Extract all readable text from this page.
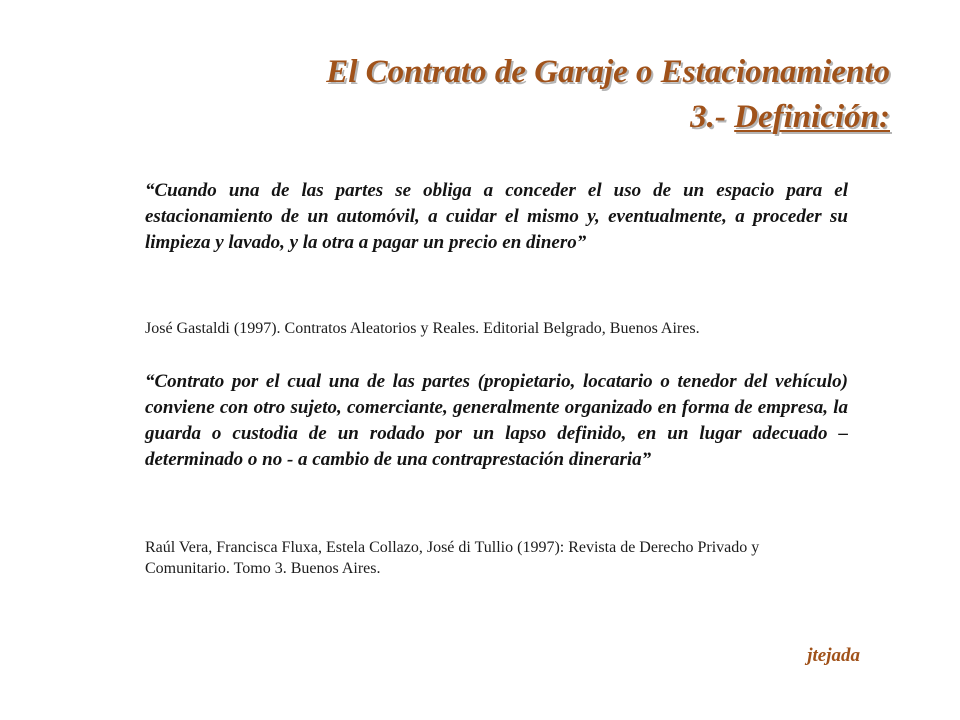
El Contrato de Garaje o Estacionamiento
3.- Definición:
“Cuando una de las partes se obliga a conceder el uso de un espacio para el estacionamiento de un automóvil, a cuidar el mismo y, eventualmente, a proceder su limpieza y lavado, y la otra a pagar un precio en dinero”
José Gastaldi (1997). Contratos Aleatorios y Reales. Editorial Belgrado, Buenos Aires.
“Contrato por el cual una de las partes (propietario, locatario o tenedor del vehículo) conviene con otro sujeto, comerciante, generalmente organizado en forma de empresa, la guarda o custodia de un rodado por un lapso definido, en un lugar adecuado – determinado o no - a cambio de una contraprestación dineraria”
Raúl Vera, Francisca Fluxa, Estela Collazo, José di Tullio (1997): Revista de Derecho Privado y Comunitario. Tomo 3. Buenos Aires.
jtejada
